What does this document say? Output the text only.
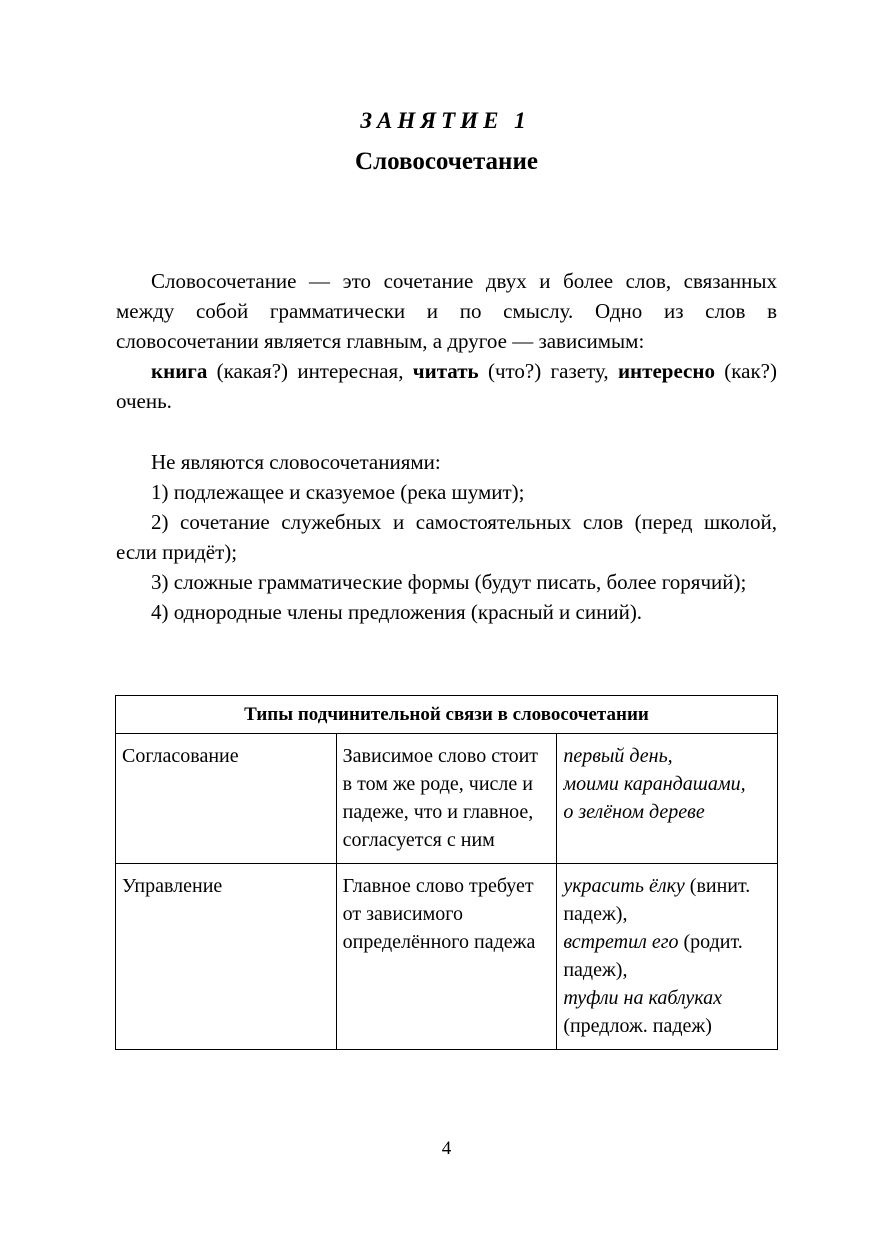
ЗАНЯТИЕ 1
Словосочетание

Словосочетание — это сочетание двух и более слов, связанных между собой грамматически и по смыслу. Одно из слов в словосочетании является главным, а другое — зависимым:

книга (какая?) интересная, читать (что?) газету, интересно (как?) очень.

Не являются словосочетаниями:

1) подлежащее и сказуемое (река шумит);

2) сочетание служебных и самостоятельных слов (перед школой, если придёт);

3) сложные грамматические формы (будут писать, более горячий);

4) однородные члены предложения (красный и синий).

Типы подчинительной связи в словосочетании		
Согласование	Зависимое слово стоит в том же роде, числе и падеже, что и главное, согласуется с ним	первый день,
моими карандашами,
о зелёном дереве

Управление	Главное слово требует от зависимого определённого падежа	украсить ёлку (винит. падеж),
встретил его (родит. падеж),
туфли на каблуках (предлож. падеж)
4
